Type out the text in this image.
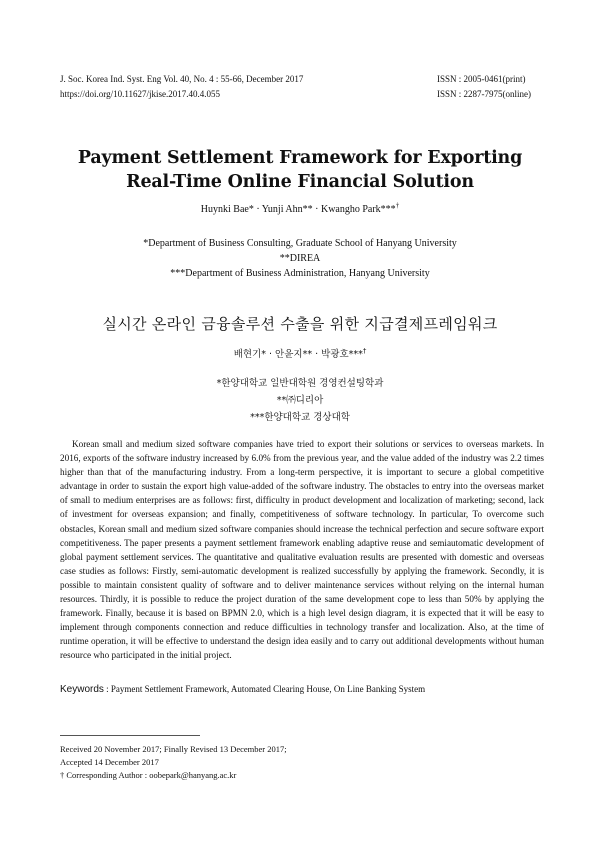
J. Soc. Korea Ind. Syst. Eng Vol. 40, No. 4 : 55-66, December 2017
https://doi.org/10.11627/jkise.2017.40.4.055
ISSN : 2005-0461(print)
ISSN : 2287-7975(online)
Payment Settlement Framework for Exporting
Real-Time Online Financial Solution
Huynki Bae* · Yunji Ahn** · Kwangho Park***†
*Department of Business Consulting, Graduate School of Hanyang University
**DIREA
***Department of Business Administration, Hanyang University
실시간 온라인 금융솔루션 수출을 위한 지급결제프레임워크
배현기* · 안윤지** · 박광호***†
*한양대학교 일반대학원 경영컨설팅학과
**㈜디리아
***한양대학교 경상대학

Korean small and medium sized software companies have tried to export their solutions or services to overseas markets. In 2016, exports of the software industry increased by 6.0% from the previous year, and the value added of the industry was 2.2 times higher than that of the manufacturing industry. From a long-term perspective, it is important to secure a global competitive advantage in order to sustain the export high value-added of the software industry. The obstacles to entry into the overseas market of small to medium enterprises are as follows: first, difficulty in product development and localization of marketing; second, lack of investment for overseas expansion; and finally, competitiveness of software technology. In particular, To overcome such obstacles, Korean small and medium sized software companies should increase the technical perfection and secure software export competitiveness. The paper presents a payment settlement framework enabling adaptive reuse and semiautomatic development of global payment settlement services. The quantitative and qualitative evaluation results are presented with domestic and overseas case studies as follows: Firstly, semi-automatic development is realized successfully by applying the framework. Secondly, it is possible to maintain consistent quality of software and to deliver maintenance services without relying on the internal human resources. Thirdly, it is possible to reduce the project duration of the same development cope to less than 50% by applying the framework. Finally, because it is based on BPMN 2.0, which is a high level design diagram, it is expected that it will be easy to implement through components connection and reduce difficulties in technology transfer and localization. Also, at the time of runtime operation, it will be effective to understand the design idea easily and to carry out additional developments without human resource who participated in the initial project.

Keywords : Payment Settlement Framework, Automated Clearing House, On Line Banking System
Received 20 November 2017; Finally Revised 13 December 2017;
Accepted 14 December 2017
† Corresponding Author : oobepark@hanyang.ac.kr
